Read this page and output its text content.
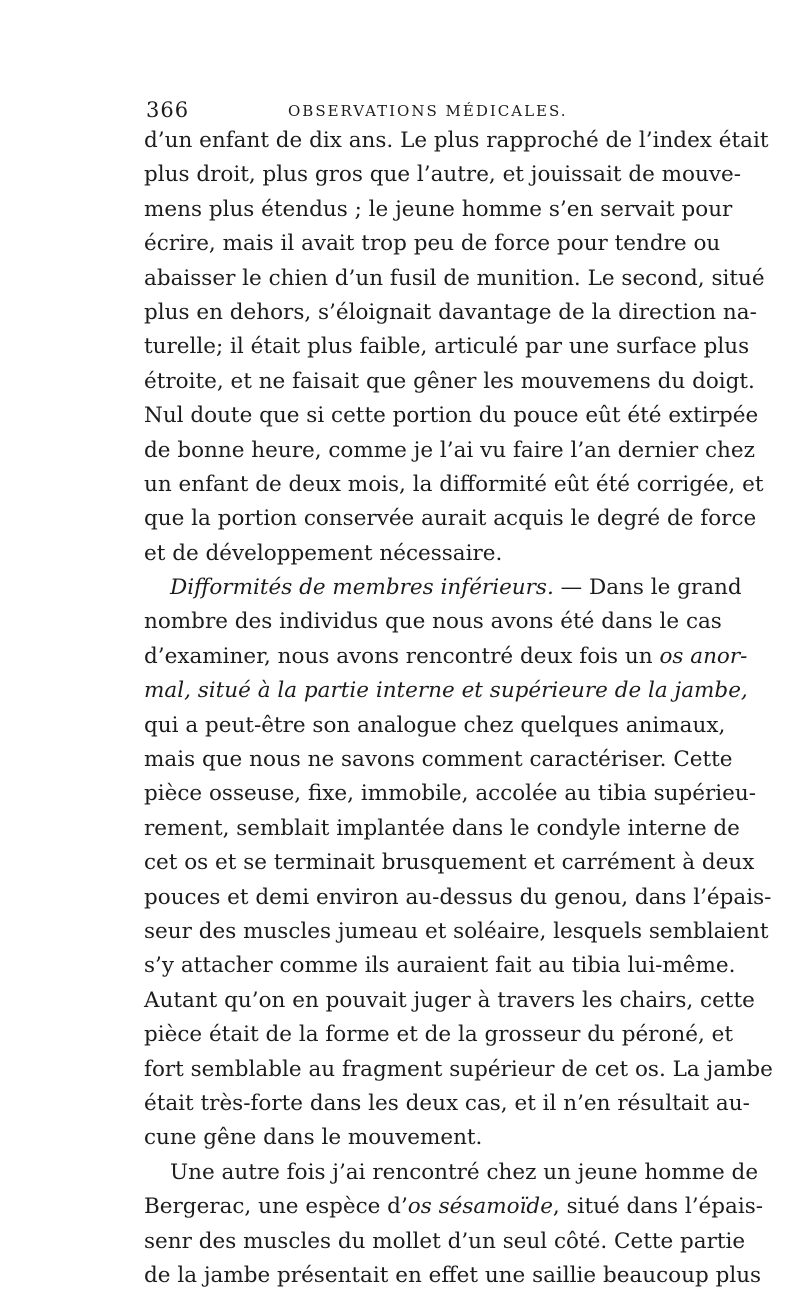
366	OBSERVATIONS MÉDICALES.
d’un enfant de dix ans. Le plus rapproché de l’index était
plus droit, plus gros que l’autre, et jouissait de mouve-
mens plus étendus ; le jeune homme s’en servait pour
écrire, mais il avait trop peu de force pour tendre ou
abaisser le chien d’un fusil de munition. Le second, situé
plus en dehors, s’éloignait davantage de la direction na-
turelle; il était plus faible, articulé par une surface plus
étroite, et ne faisait que gêner les mouvemens du doigt.
Nul doute que si cette portion du pouce eût été extirpée
de bonne heure, comme je l’ai vu faire l’an dernier chez
un enfant de deux mois, la difformité eût été corrigée, et
que la portion conservée aurait acquis le degré de force
et de développement nécessaire.
Difformités de membres inférieurs. — Dans le grand
nombre des individus que nous avons été dans le cas
d’examiner, nous avons rencontré deux fois un os anor-
mal, situé à la partie interne et supérieure de la jambe,
qui a peut-être son analogue chez quelques animaux,
mais que nous ne savons comment caractériser. Cette
pièce osseuse, fixe, immobile, accolée au tibia supérieu-
rement, semblait implantée dans le condyle interne de
cet os et se terminait brusquement et carrément à deux
pouces et demi environ au-dessus du genou, dans l’épais-
seur des muscles jumeau et soléaire, lesquels semblaient
s’y attacher comme ils auraient fait au tibia lui-même.
Autant qu’on en pouvait juger à travers les chairs, cette
pièce était de la forme et de la grosseur du péroné, et
fort semblable au fragment supérieur de cet os. La jambe
était très-forte dans les deux cas, et il n’en résultait au-
cune gêne dans le mouvement.
Une autre fois j’ai rencontré chez un jeune homme de
Bergerac, une espèce d’os sésamoïde, situé dans l’épais-
senr des muscles du mollet d’un seul côté. Cette partie
de la jambe présentait en effet une saillie beaucoup plus
